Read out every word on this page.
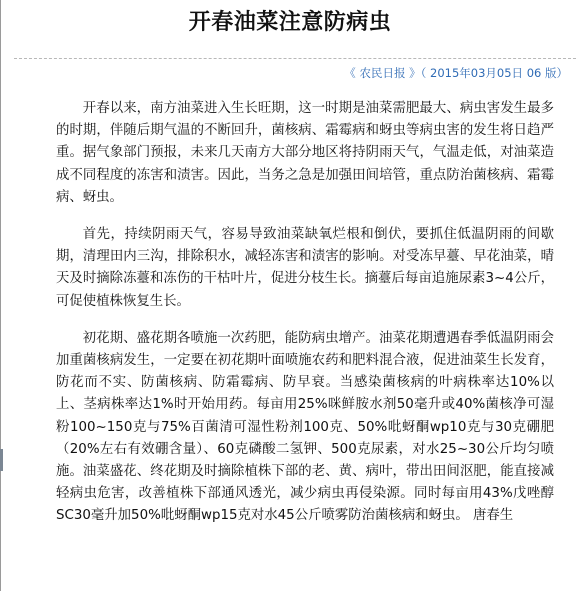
开春油菜注意防病虫
《 农民日报 》（ 2015年03月05日 06 版）

开春以来，南方油菜进入生长旺期，这一时期是油菜需肥最大、病虫害发生最多的时期，伴随后期气温的不断回升，菌核病、霜霉病和蚜虫等病虫害的发生将日趋严重。据气象部门预报，未来几天南方大部分地区将持阴雨天气，气温走低，对油菜造成不同程度的冻害和渍害。因此，当务之急是加强田间培管，重点防治菌核病、霜霉病、蚜虫。

首先，持续阴雨天气，容易导致油菜缺氧烂根和倒伏，要抓住低温阴雨的间歇期，清理田内三沟，排除积水，减轻冻害和渍害的影响。对受冻早薹、早花油菜，晴天及时摘除冻薹和冻伤的干枯叶片，促进分枝生长。摘薹后每亩追施尿素3~4公斤，可促使植株恢复生长。

初花期、盛花期各喷施一次药肥，能防病虫增产。油菜花期遭遇春季低温阴雨会加重菌核病发生，一定要在初花期叶面喷施农药和肥料混合液，促进油菜生长发育，防花而不实、防菌核病、防霜霉病、防早衰。当感染菌核病的叶病株率达10%以上、茎病株率达1%时开始用药。每亩用25%咪鲜胺水剂50毫升或40%菌核净可湿粉100~150克与75%百菌清可湿性粉剂100克、50%吡蚜酮wp10克与30克硼肥（20%左右有效硼含量）、60克磷酸二氢钾、500克尿素，对水25~30公斤均匀喷施。油菜盛花、终花期及时摘除植株下部的老、黄、病叶，带出田间沤肥，能直接减轻病虫危害，改善植株下部通风透光，减少病虫再侵染源。同时每亩用43%戊唑醇SC30毫升加50%吡蚜酮wp15克对水45公斤喷雾防治菌核病和蚜虫。 唐春生
